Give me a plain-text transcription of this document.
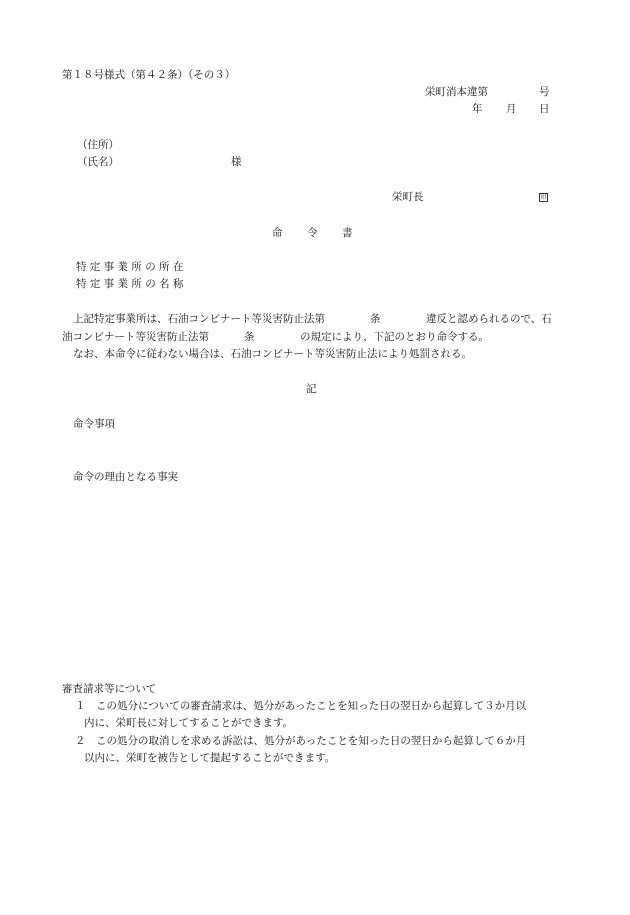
第１８号様式（第４２条）（その３）
栄町消本違第	号
年 月 日
（住所）
（氏名）	様
栄町長	印
命 令 書
特 定 事 業 所 の 所 在
特 定 事 業 所 の 名 称
上記特定事業所は、石油コンビナート等災害防止法第	条	違反と認められるので、石
油コンビナート等災害防止法第	条	の規定により、下記のとおり命令する。
なお、本命令に従わない場合は、石油コンビナート等災害防止法により処罰される。
記
命令事項
命令の理由となる事実
審査請求等について
１ この処分についての審査請求は、処分があったことを知った日の翌日から起算して３か月以
内に、栄町長に対してすることができます。
２ この処分の取消しを求める訴訟は、処分があったことを知った日の翌日から起算して６か月
以内に、栄町を被告として提起することができます。
